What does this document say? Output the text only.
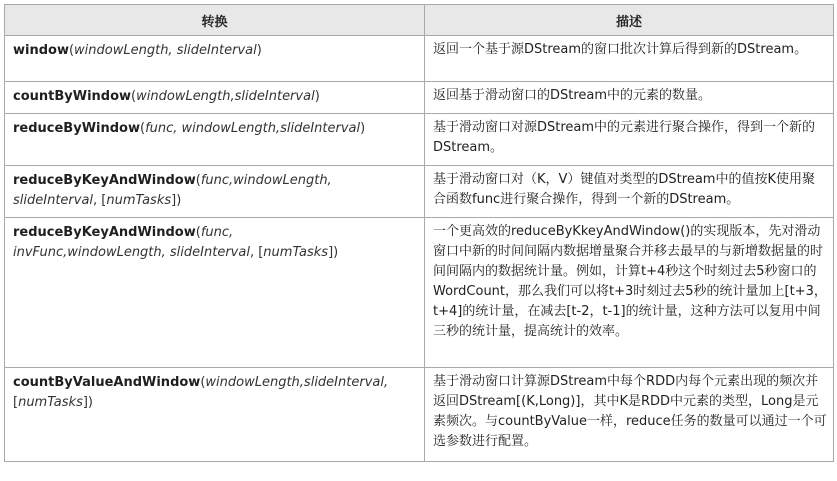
转换	描述
window(windowLength, slideInterval)	返回一个基于源DStream的窗口批次计算后得到新的DStream。
countByWindow(windowLength,slideInterval)	返回基于滑动窗口的DStream中的元素的数量。
reduceByWindow(func, windowLength,slideInterval)	基于滑动窗口对源DStream中的元素进行聚合操作，得到一个新的DStream。
reduceByKeyAndWindow(func,windowLength,
slideInterval, [numTasks])	基于滑动窗口对（K，V）键值对类型的DStream中的值按K使用聚合函数func进行聚合操作，得到一个新的DStream。
reduceByKeyAndWindow(func,
invFunc,windowLength, slideInterval, [numTasks])	一个更高效的reduceByKkeyAndWindow()的实现版本，先对滑动窗口中新的时间间隔内数据增量聚合并移去最早的与新增数据量的时间间隔内的数据统计量。例如，计算t+4秒这个时刻过去5秒窗口的WordCount，那么我们可以将t+3时刻过去5秒的统计量加上[t+3，t+4]的统计量，在减去[t-2，t-1]的统计量，这种方法可以复用中间三秒的统计量，提高统计的效率。
countByValueAndWindow(windowLength,slideInterval,
[numTasks])	基于滑动窗口计算源DStream中每个RDD内每个元素出现的频次并返回DStream[(K,Long)]，其中K是RDD中元素的类型，Long是元素频次。与countByValue一样，reduce任务的数量可以通过一个可选参数进行配置。
